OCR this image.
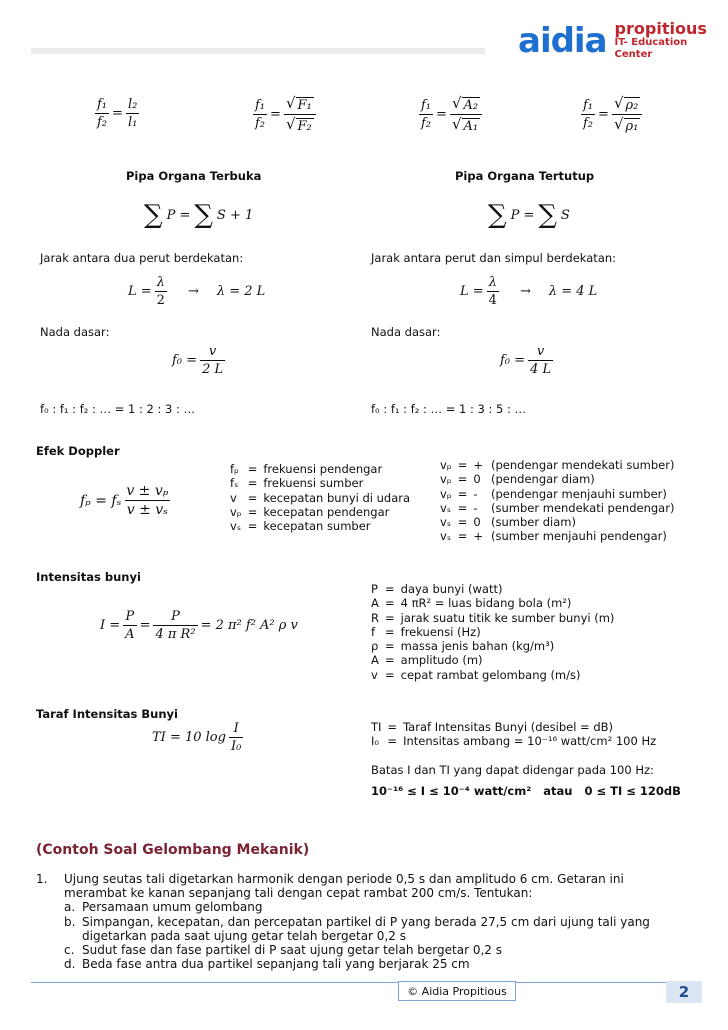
aidia propitious
IT- Education Center
$\frac{\text{f₁}}{\text{f₂}} = \frac{\text{l₂}}{\text{l₁}}$	$\frac{\text{f₁}}{\text{f₂}} = \frac{\text{√ F₁}}{\text{√ F₂}}$	$\frac{\text{f₁}}{\text{f₂}} = \frac{\text{√ A₂}}{\text{√ A₁}}$	$\frac{\text{f₁}}{\text{f₂}} = \frac{\text{√ ρ₂}}{\text{√ ρ₁}}$
Pipa Organa Terbuka	Pipa Organa Tertutup
∑ P = ∑ S + 1	∑ P = ∑ S
Jarak antara dua perut berdekatan:	Jarak antara perut dan simpul berdekatan:
$L = \frac{\lambda}{2} \to \lambda = 2$ L	$L = \frac{\lambda}{4} \to \lambda = 4$ L
Nada dasar:	Nada dasar:
$f_0 = \frac{v}{2 L}$	$f_0 = \frac{v}{4 L}$
f₀ : f₁ : f₂ : … = 1 : 2 : 3 : …	f₀ : f₁ : f₂ : … = 1 : 3 : 5 : …
Efek Doppler
fₚ = fₛ $\frac{\text{v ± vₚ}}{\text{v ± vₛ}}$
fₚ	=	frekuensi pendengar
fₛ	=	frekuensi sumber
v	=	kecepatan bunyi di udara
vₚ	=	kecepatan pendengar
vₛ	=	kecepatan sumber
vₚ	=	+	(pendengar mendekati sumber)
vₚ	=	0	(pendengar diam)
vₚ	=	-	(pendengar menjauhi sumber)
vₛ	=	-	(sumber mendekati pendengar)
vₛ	=	0	(sumber diam)
vₛ	=	+	(sumber menjauhi pendengar)
Intensitas bunyi
$I = \frac{P}{A} = \frac{P}{\text{4 π R²}} = 2$ π² f² A² ρ v
P	=	daya bunyi (watt)
A	=	4 πR² = luas bidang bola (m²)
R	=	jarak suatu titik ke sumber bunyi (m)
f	=	frekuensi (Hz)
ρ	=	massa jenis bahan (kg/m³)
A	=	amplitudo (m)
v	=	cepat rambat gelombang (m/s)
Taraf Intensitas Bunyi
TI = 10 $\log \frac{I}{\text{I₀}}$	TI	=	Taraf Intensitas Bunyi (desibel = dB)
I₀	=	Intensitas ambang = 10⁻¹⁶ watt/cm² 100 Hz
Batas I dan TI yang dapat didengar pada 100 Hz:
10⁻¹⁶ ≤ I ≤ 10⁻⁴ watt/cm²   atau   0 ≤ TI ≤ 120dB
(Contoh Soal Gelombang Mekanik)
1.	Ujung seutas tali digetarkan harmonik dengan periode 0,5 s dan amplitudo 6 cm. Getaran ini
merambat ke kanan sepanjang tali dengan cepat rambat 200 cm/s. Tentukan:
a. Persamaan umum gelombang
b. Simpangan, kecepatan, dan percepatan partikel di P yang berada 27,5 cm dari ujung tali yang
digetarkan pada saat ujung getar telah bergetar 0,2 s
c. Sudut fase dan fase partikel di P saat ujung getar telah bergetar 0,2 s
d. Beda fase antra dua partikel sepanjang tali yang berjarak 25 cm
© Aidia Propitious	2
